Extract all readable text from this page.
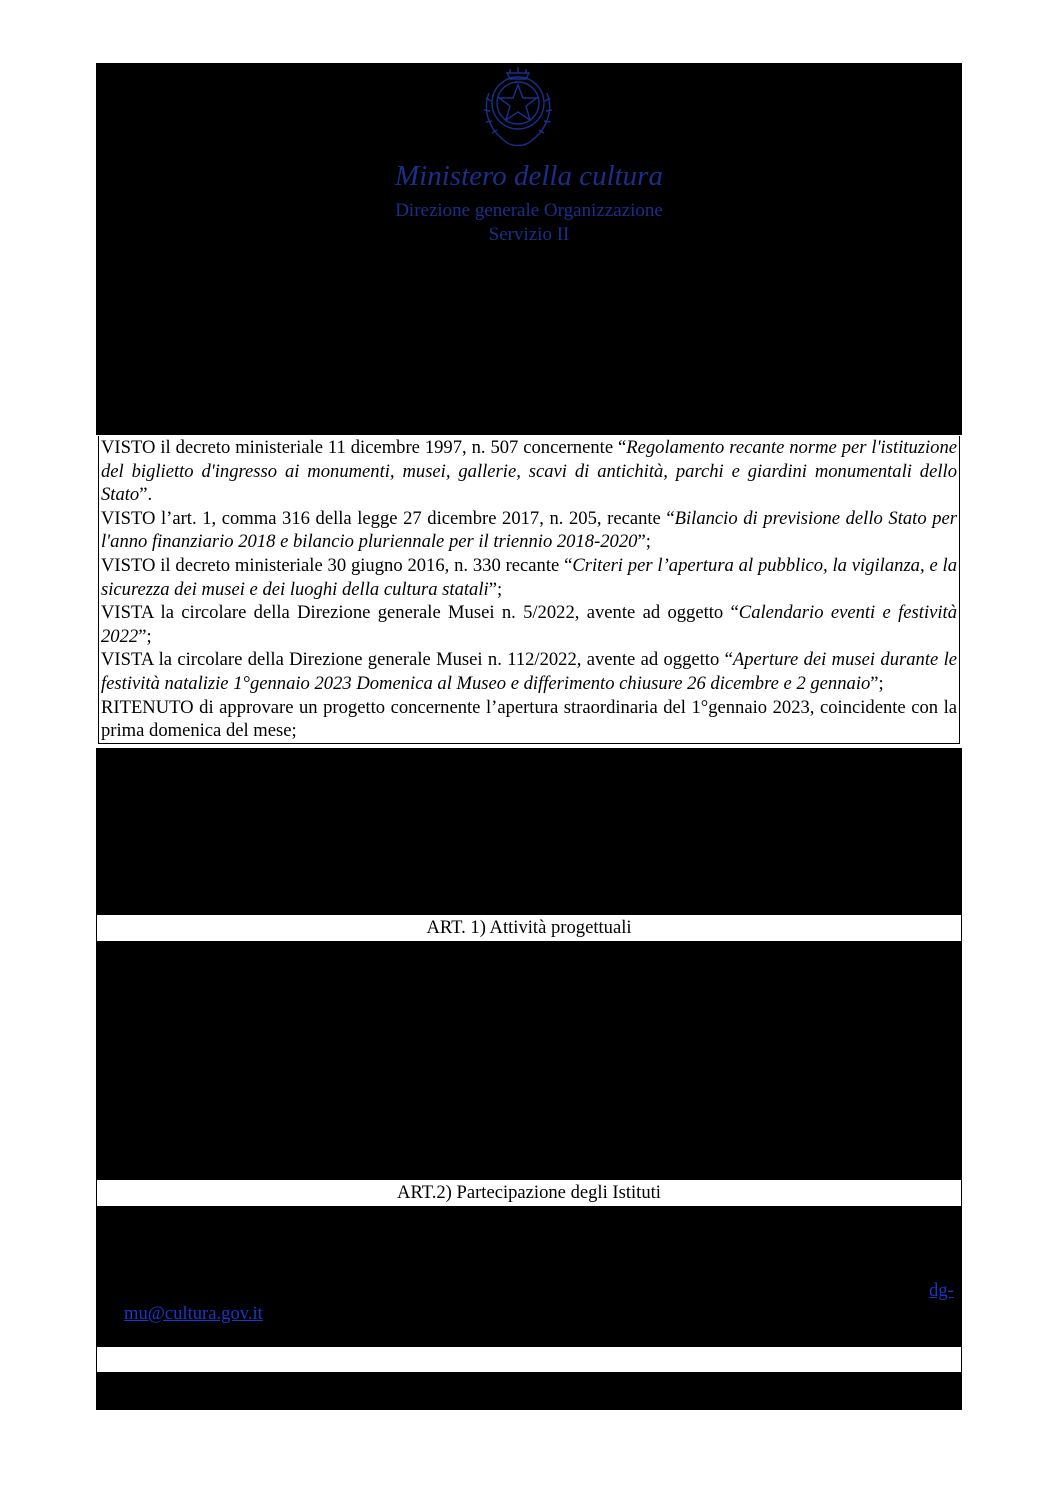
Ministero della cultura
Direzione generale Organizzazione
Servizio II

VISTO il decreto ministeriale 11 dicembre 1997, n. 507 concernente “Regolamento recante norme per l'istituzione del biglietto d'ingresso ai monumenti, musei, gallerie, scavi di antichità, parchi e giardini monumentali dello Stato”.

VISTO l’art. 1, comma 316 della legge 27 dicembre 2017, n. 205, recante “Bilancio di previsione dello Stato per l'anno finanziario 2018 e bilancio pluriennale per il triennio 2018-2020”;

VISTO il decreto ministeriale 30 giugno 2016, n. 330 recante “Criteri per l’apertura al pubblico, la vigilanza, e la sicurezza dei musei e dei luoghi della cultura statali”;

VISTA la circolare della Direzione generale Musei n. 5/2022, avente ad oggetto “Calendario eventi e festività 2022”;

VISTA la circolare della Direzione generale Musei n. 112/2022, avente ad oggetto “Aperture dei musei durante le festività natalizie 1°gennaio 2023 Domenica al Museo e differimento chiusure 26 dicembre e 2 gennaio”;

RITENUTO di approvare un progetto concernente l’apertura straordinaria del 1°gennaio 2023, coincidente con la prima domenica del mese;

ART. 1) Attività progettuali
ART.2) Partecipazione degli Istituti
dg-
mu@cultura.gov.it
